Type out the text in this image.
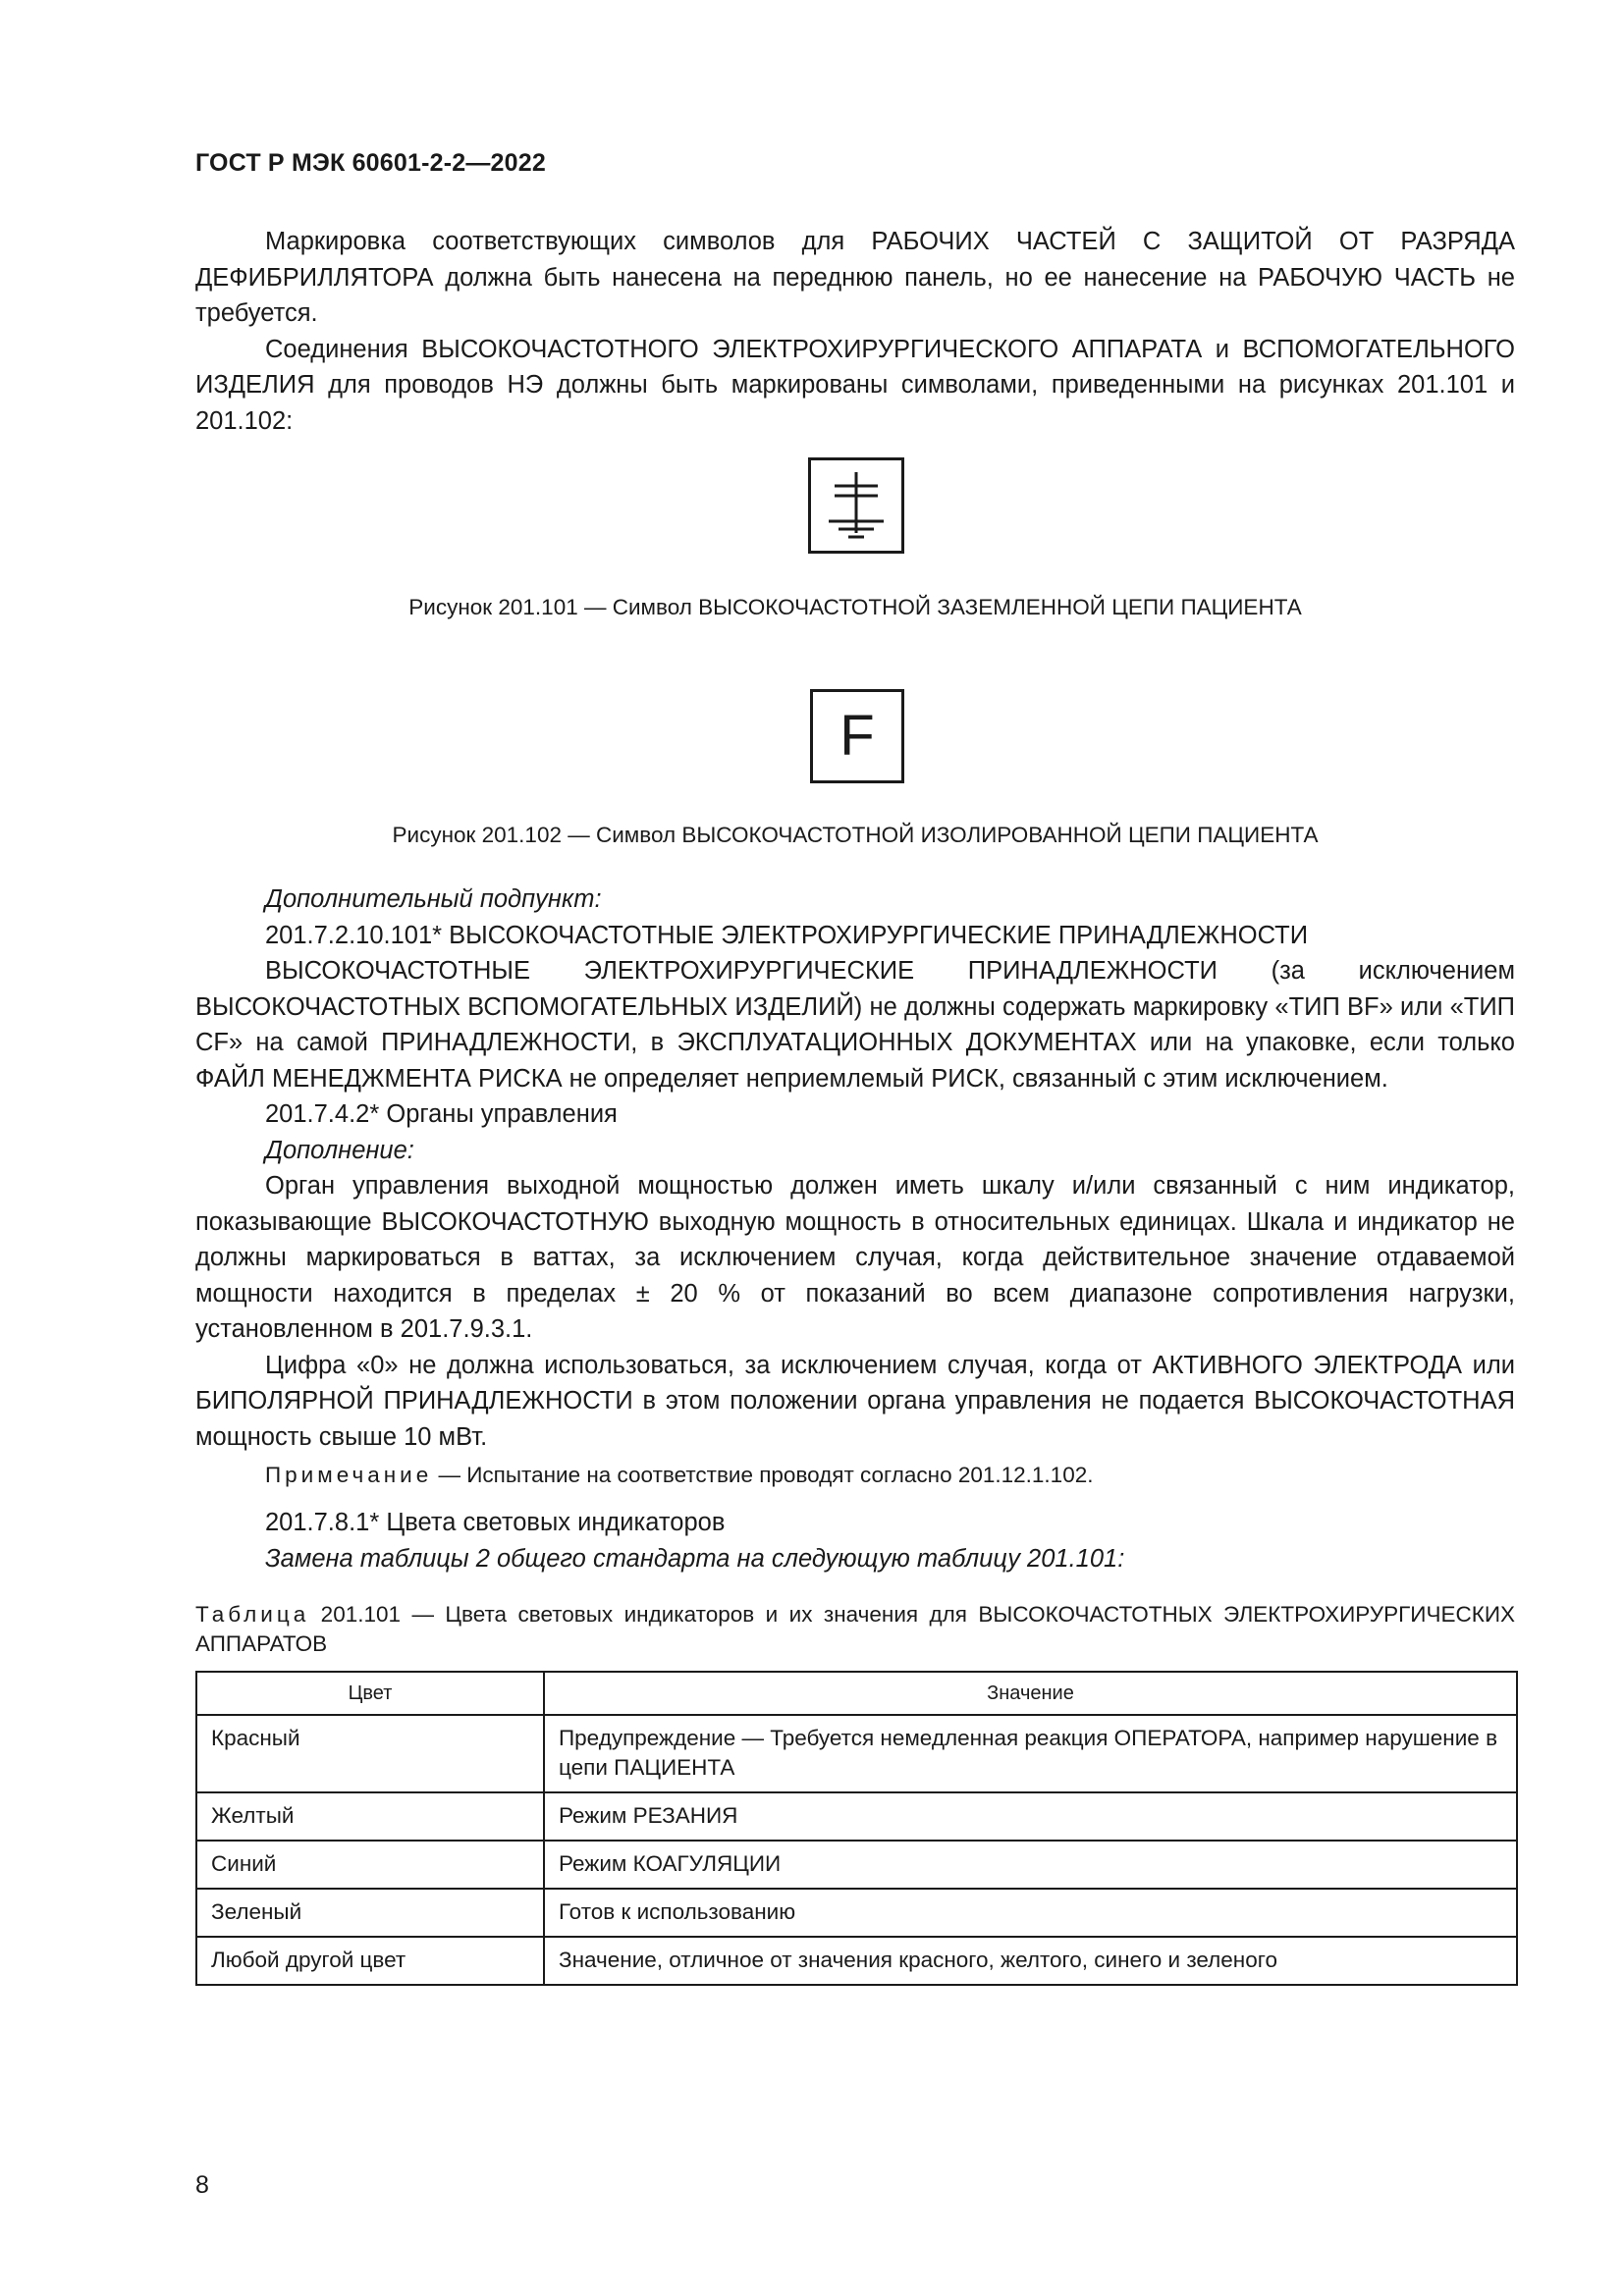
ГОСТ Р МЭК 60601-2-2—2022

Маркировка соответствующих символов для РАБОЧИХ ЧАСТЕЙ С ЗАЩИТОЙ ОТ РАЗРЯДА ДЕФИБРИЛЛЯТОРА должна быть нанесена на переднюю панель, но ее нанесение на РАБОЧУЮ ЧАСТЬ не требуется.

Соединения ВЫСОКОЧАСТОТНОГО ЭЛЕКТРОХИРУРГИЧЕСКОГО АППАРАТА и ВСПОМОГАТЕЛЬНОГО ИЗДЕЛИЯ для проводов НЭ должны быть маркированы символами, приведенными на рисунках 201.101 и 201.102:

Рисунок 201.101 — Символ ВЫСОКОЧАСТОТНОЙ ЗАЗЕМЛЕННОЙ ЦЕПИ ПАЦИЕНТА
F
Рисунок 201.102 — Символ ВЫСОКОЧАСТОТНОЙ ИЗОЛИРОВАННОЙ ЦЕПИ ПАЦИЕНТА

Дополнительный подпункт:

201.7.2.10.101* ВЫСОКОЧАСТОТНЫЕ ЭЛЕКТРОХИРУРГИЧЕСКИЕ ПРИНАДЛЕЖНОСТИ

ВЫСОКОЧАСТОТНЫЕ ЭЛЕКТРОХИРУРГИЧЕСКИЕ ПРИНАДЛЕЖНОСТИ (за исключением ВЫСОКОЧАСТОТНЫХ ВСПОМОГАТЕЛЬНЫХ ИЗДЕЛИЙ) не должны содержать маркировку «ТИП BF» или «ТИП CF» на самой ПРИНАДЛЕЖНОСТИ, в ЭКСПЛУАТАЦИОННЫХ ДОКУМЕНТАХ или на упаковке, если только ФАЙЛ МЕНЕДЖМЕНТА РИСКА не определяет неприемлемый РИСК, связанный с этим исключением.

201.7.4.2* Органы управления

Дополнение:

Орган управления выходной мощностью должен иметь шкалу и/или связанный с ним индикатор, показывающие ВЫСОКОЧАСТОТНУЮ выходную мощность в относительных единицах. Шкала и индикатор не должны маркироваться в ваттах, за исключением случая, когда действительное значение отдаваемой мощности находится в пределах ± 20 % от показаний во всем диапазоне сопротивления нагрузки, установленном в 201.7.9.3.1.

Цифра «0» не должна использоваться, за исключением случая, когда от АКТИВНОГО ЭЛЕКТРОДА или БИПОЛЯРНОЙ ПРИНАДЛЕЖНОСТИ в этом положении органа управления не подается ВЫСОКОЧАСТОТНАЯ мощность свыше 10 мВт.

Примечание — Испытание на соответствие проводят согласно 201.12.1.102.

201.7.8.1* Цвета световых индикаторов

Замена таблицы 2 общего стандарта на следующую таблицу 201.101:

Таблица 201.101 — Цвета световых индикаторов и их значения для ВЫСОКОЧАСТОТНЫХ ЭЛЕКТРОХИРУРГИЧЕСКИХ АППАРАТОВ
Цвет	Значение
Красный	Предупреждение — Требуется немедленная реакция ОПЕРАТОРА, например нарушение в цепи ПАЦИЕНТА
Желтый	Режим РЕЗАНИЯ
Синий	Режим КОАГУЛЯЦИИ
Зеленый	Готов к использованию
Любой другой цвет	Значение, отличное от значения красного, желтого, синего и зеленого
8
